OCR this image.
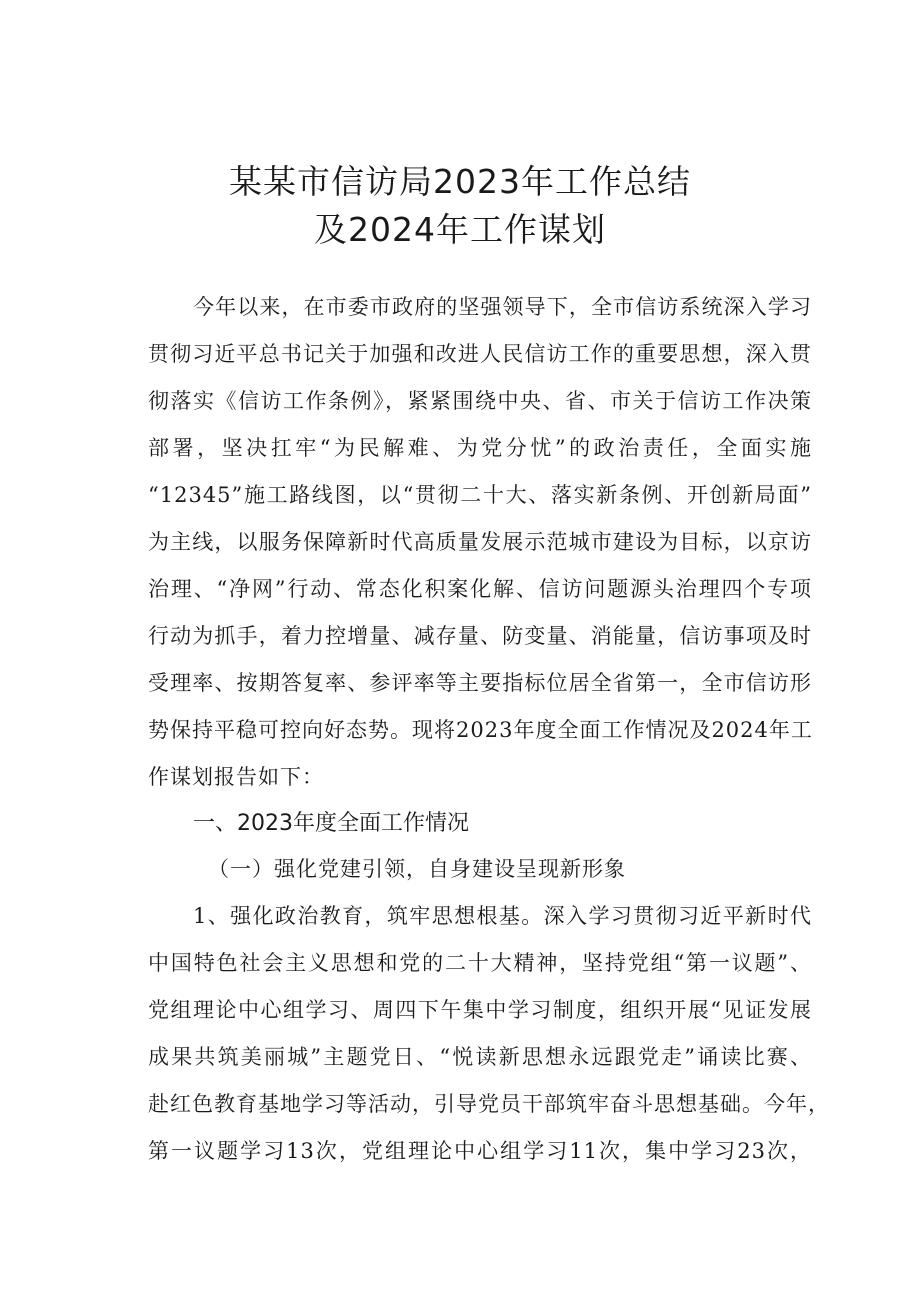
某某市信访局2023年工作总结
及2024年工作谋划
今年以来，在市委市政府的坚强领导下，全市信访系统深入学习
贯彻习近平总书记关于加强和改进人民信访工作的重要思想，深入贯
彻落实《信访工作条例》，紧紧围绕中央、省、市关于信访工作决策
部署，坚决扛牢“为民解难、为党分忧”的政治责任，全面实施
“12345”施工路线图，以“贯彻二十大、落实新条例、开创新局面”
为主线，以服务保障新时代高质量发展示范城市建设为目标，以京访
治理、“净网”行动、常态化积案化解、信访问题源头治理四个专项
行动为抓手，着力控增量、减存量、防变量、消能量，信访事项及时
受理率、按期答复率、参评率等主要指标位居全省第一，全市信访形
势保持平稳可控向好态势。现将2023年度全面工作情况及2024年工
作谋划报告如下：
一、2023年度全面工作情况
（一）强化党建引领，自身建设呈现新形象
1、强化政治教育，筑牢思想根基。深入学习贯彻习近平新时代
中国特色社会主义思想和党的二十大精神，坚持党组“第一议题”、
党组理论中心组学习、周四下午集中学习制度，组织开展“见证发展
成果共筑美丽城”主题党日、“悦读新思想永远跟党走”诵读比赛、
赴红色教育基地学习等活动，引导党员干部筑牢奋斗思想基础。今年，
第一议题学习13次，党组理论中心组学习11次，集中学习23次，
